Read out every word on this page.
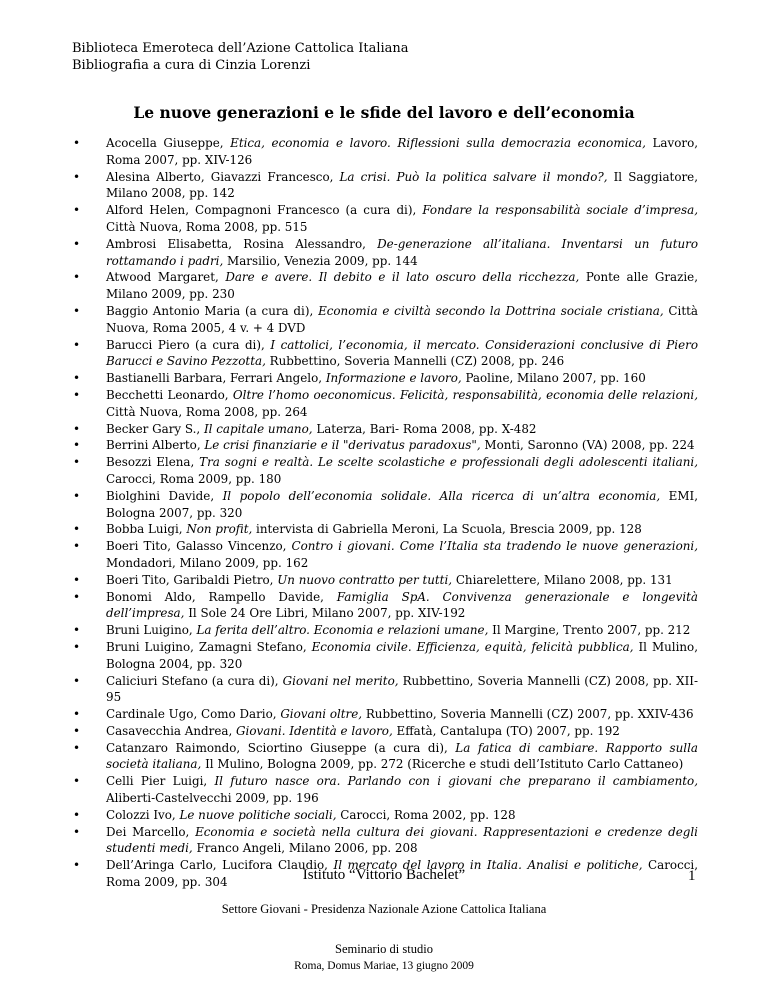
Biblioteca Emeroteca dell’Azione Cattolica Italiana
Bibliografia a cura di Cinzia Lorenzi
Le nuove generazioni e le sfide del lavoro e dell’economia
• Acocella Giuseppe, Etica, economia e lavoro. Riflessioni sulla democrazia economica, Lavoro, Roma 2007, pp. XIV-126
• Alesina Alberto, Giavazzi Francesco, La crisi. Può la politica salvare il mondo?, Il Saggiatore, Milano 2008, pp. 142
• Alford Helen, Compagnoni Francesco (a cura di), Fondare la responsabilità sociale d’impresa, Città Nuova, Roma 2008, pp. 515
• Ambrosi Elisabetta, Rosina Alessandro, De-generazione all’italiana. Inventarsi un futuro rottamando i padri, Marsilio, Venezia 2009, pp. 144
• Atwood Margaret, Dare e avere. Il debito e il lato oscuro della ricchezza, Ponte alle Grazie, Milano 2009, pp. 230
• Baggio Antonio Maria (a cura di), Economia e civiltà secondo la Dottrina sociale cristiana, Città Nuova, Roma 2005, 4 v. + 4 DVD
• Barucci Piero (a cura di), I cattolici, l’economia, il mercato. Considerazioni conclusive di Piero Barucci e Savino Pezzotta, Rubbettino, Soveria Mannelli (CZ) 2008, pp. 246
• Bastianelli Barbara, Ferrari Angelo, Informazione e lavoro, Paoline, Milano 2007, pp. 160
• Becchetti Leonardo, Oltre l’homo oeconomicus. Felicità, responsabilità, economia delle relazioni, Città Nuova, Roma 2008, pp. 264
• Becker Gary S., Il capitale umano, Laterza, Bari- Roma 2008, pp. X-482
• Berrini Alberto, Le crisi finanziarie e il "derivatus paradoxus", Monti, Saronno (VA) 2008, pp. 224
• Besozzi Elena, Tra sogni e realtà. Le scelte scolastiche e professionali degli adolescenti italiani, Carocci, Roma 2009, pp. 180
• Biolghini Davide, Il popolo dell’economia solidale. Alla ricerca di un’altra economia, EMI, Bologna 2007, pp. 320
• Bobba Luigi, Non profit, intervista di Gabriella Meroni, La Scuola, Brescia 2009, pp. 128
• Boeri Tito, Galasso Vincenzo, Contro i giovani. Come l’Italia sta tradendo le nuove generazioni, Mondadori, Milano 2009, pp. 162
• Boeri Tito, Garibaldi Pietro, Un nuovo contratto per tutti, Chiarelettere, Milano 2008, pp. 131
• Bonomi Aldo, Rampello Davide, Famiglia SpA. Convivenza generazionale e longevità dell’impresa, Il Sole 24 Ore Libri, Milano 2007, pp. XIV-192
• Bruni Luigino, La ferita dell’altro. Economia e relazioni umane, Il Margine, Trento 2007, pp. 212
• Bruni Luigino, Zamagni Stefano, Economia civile. Efficienza, equità, felicità pubblica, Il Mulino, Bologna 2004, pp. 320
• Caliciuri Stefano (a cura di), Giovani nel merito, Rubbettino, Soveria Mannelli (CZ) 2008, pp. XII-95
• Cardinale Ugo, Como Dario, Giovani oltre, Rubbettino, Soveria Mannelli (CZ) 2007, pp. XXIV-436
• Casavecchia Andrea, Giovani. Identità e lavoro, Effatà, Cantalupa (TO) 2007, pp. 192
• Catanzaro Raimondo, Sciortino Giuseppe (a cura di), La fatica di cambiare. Rapporto sulla società italiana, Il Mulino, Bologna 2009, pp. 272 (Ricerche e studi dell’Istituto Carlo Cattaneo)
• Celli Pier Luigi, Il futuro nasce ora. Parlando con i giovani che preparano il cambiamento, Aliberti-Castelvecchi 2009, pp. 196
• Colozzi Ivo, Le nuove politiche sociali, Carocci, Roma 2002, pp. 128
• Dei Marcello, Economia e società nella cultura dei giovani. Rappresentazioni e credenze degli studenti medi, Franco Angeli, Milano 2006, pp. 208
• Dell’Aringa Carlo, Lucifora Claudio, Il mercato del lavoro in Italia. Analisi e politiche, Carocci, Roma 2009, pp. 304	Istituto “Vittorio Bachelet”	1
Settore Giovani - Presidenza Nazionale Azione Cattolica Italiana
Seminario di studio
Roma, Domus Mariae, 13 giugno 2009
